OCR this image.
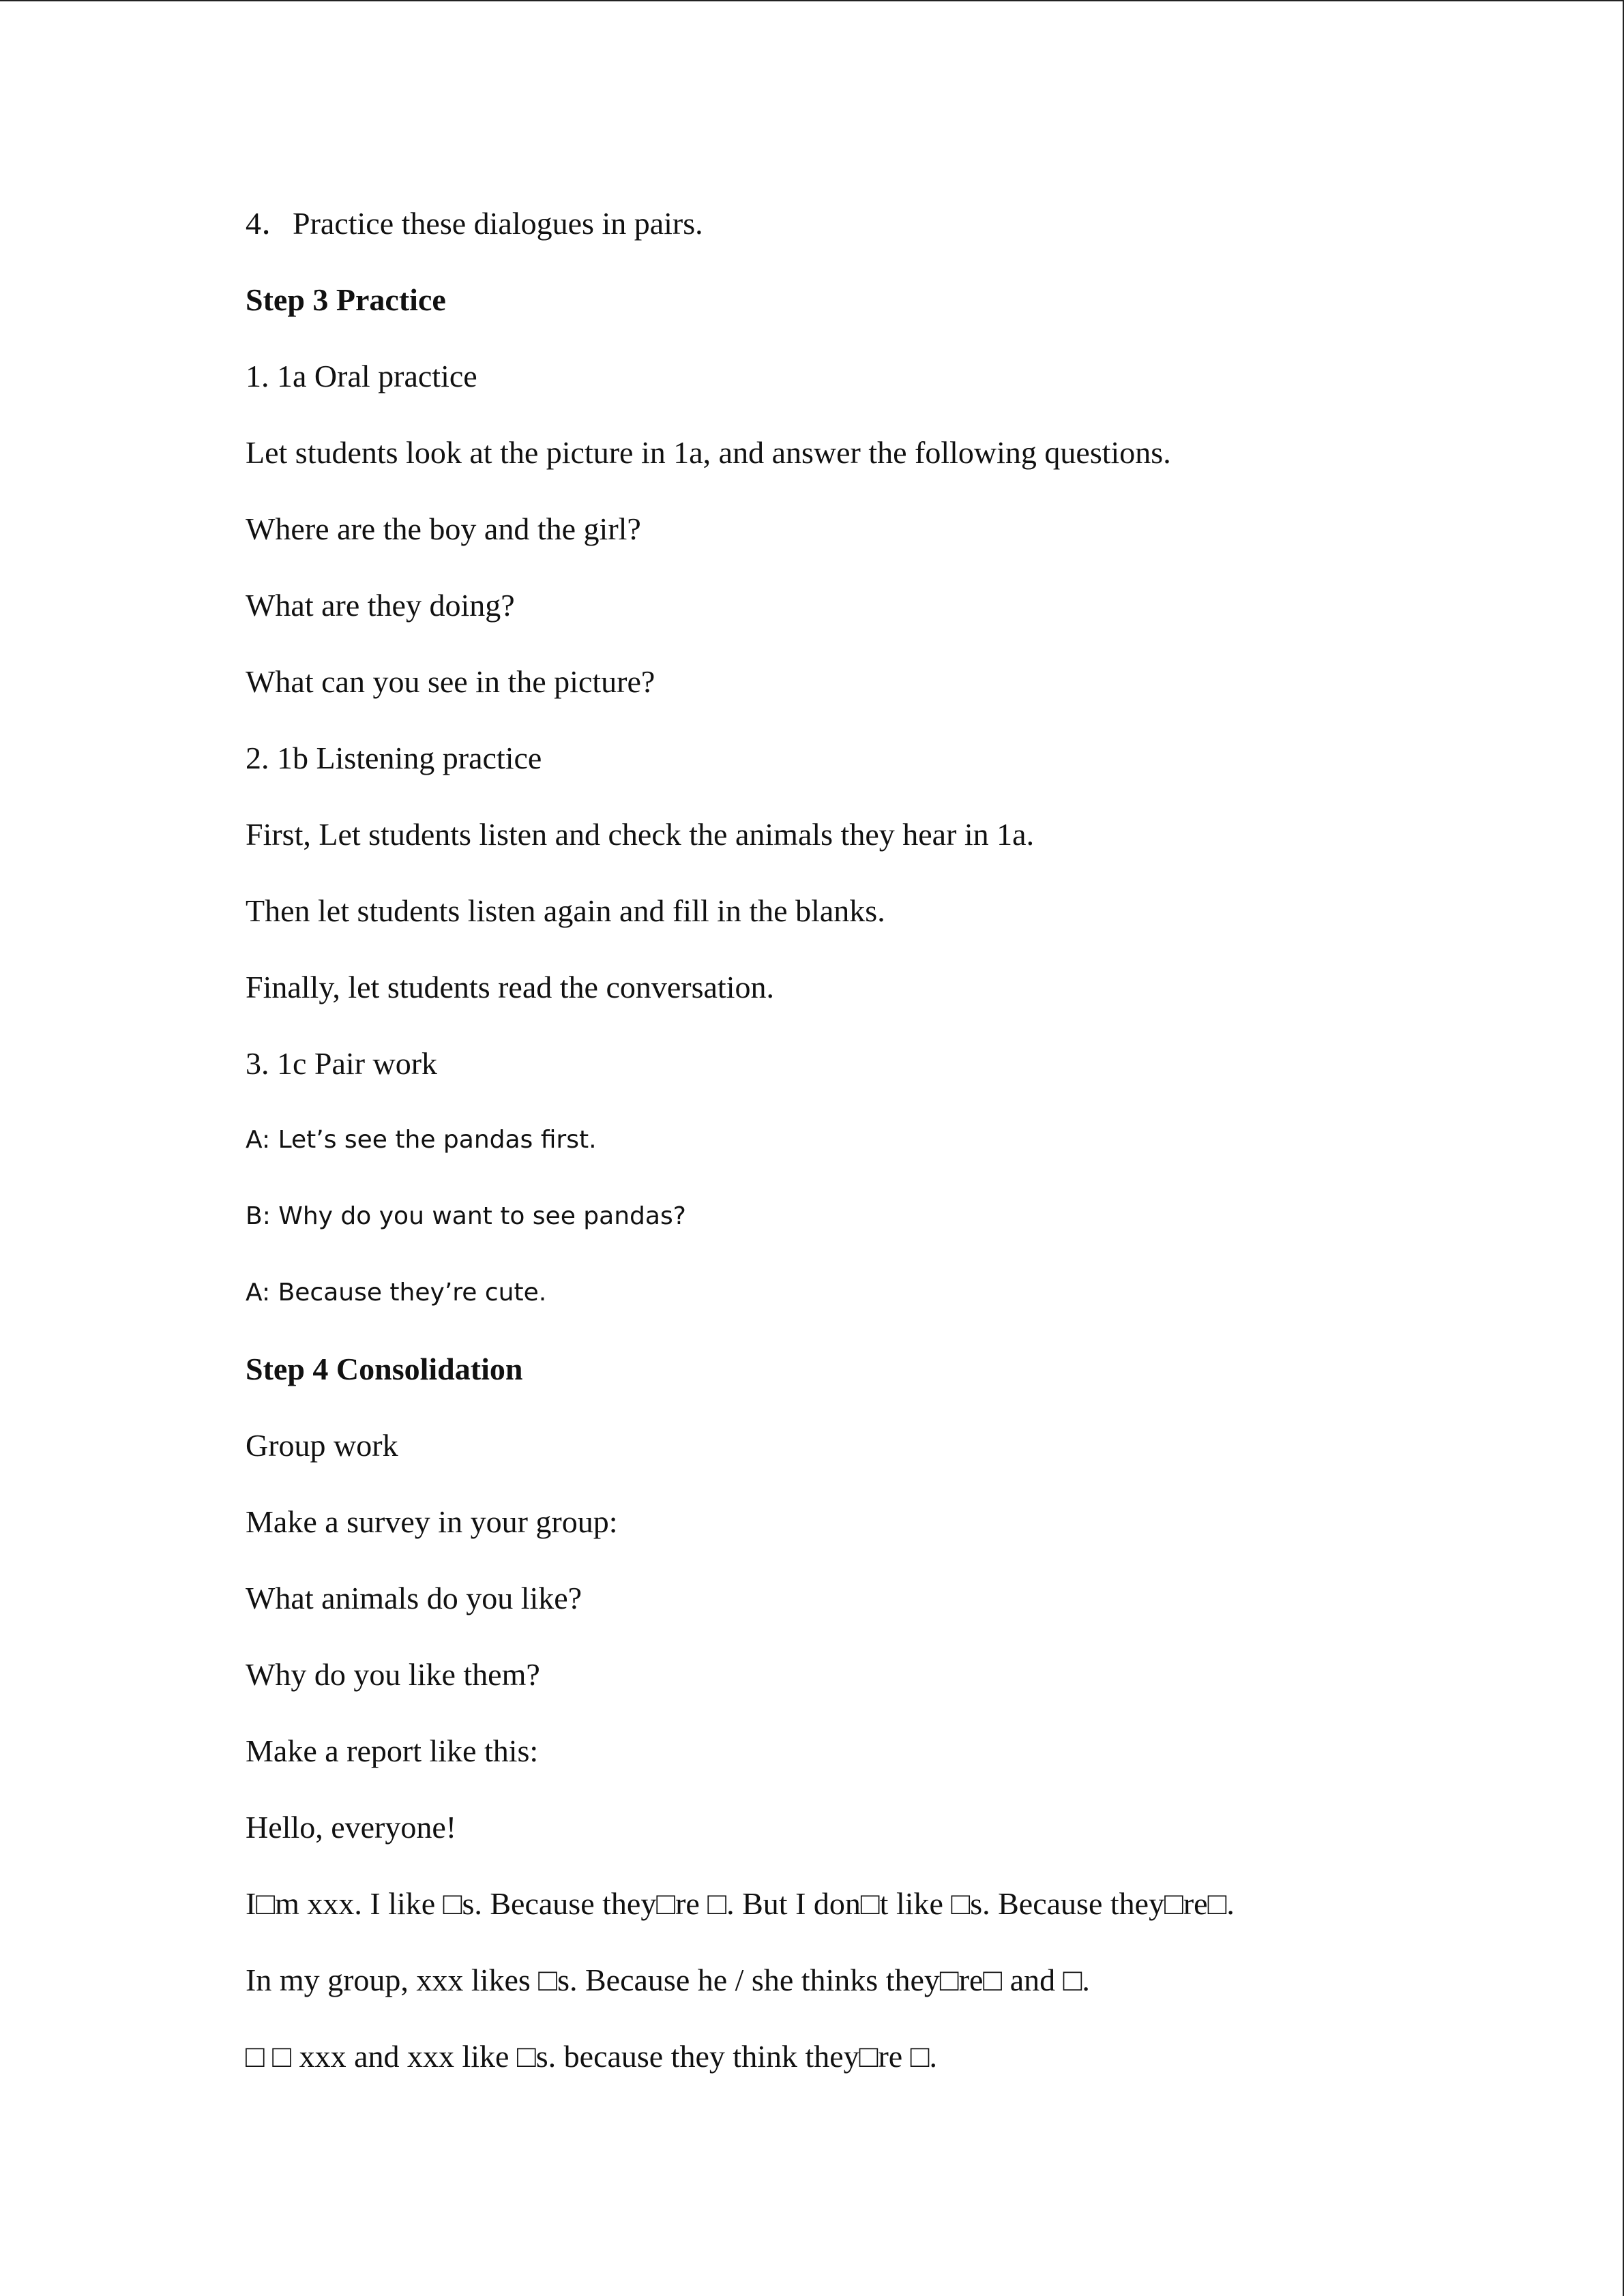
4．Practice these dialogues in pairs.
Step 3 Practice
1. 1a Oral practice
Let students look at the picture in 1a, and answer the following questions.
Where are the boy and the girl?
What are they doing?
What can you see in the picture?
2. 1b Listening practice
First, Let students listen and check the animals they hear in 1a.
Then let students listen again and fill in the blanks.
Finally, let students read the conversation.
3. 1c Pair work
A: Let’s see the pandas first.
B: Why do you want to see pandas?
A: Because they’re cute.
Step 4 Consolidation
Group work
Make a survey in your group:
What animals do you like?
Why do you like them?
Make a report like this:
Hello, everyone!
I□m xxx. I like □s. Because they□re □. But I don□t like □s. Because they□re□.
In my group, xxx likes □s. Because he / she thinks they□re□ and □.
□ □ xxx and xxx like □s. because they think they□re □.
